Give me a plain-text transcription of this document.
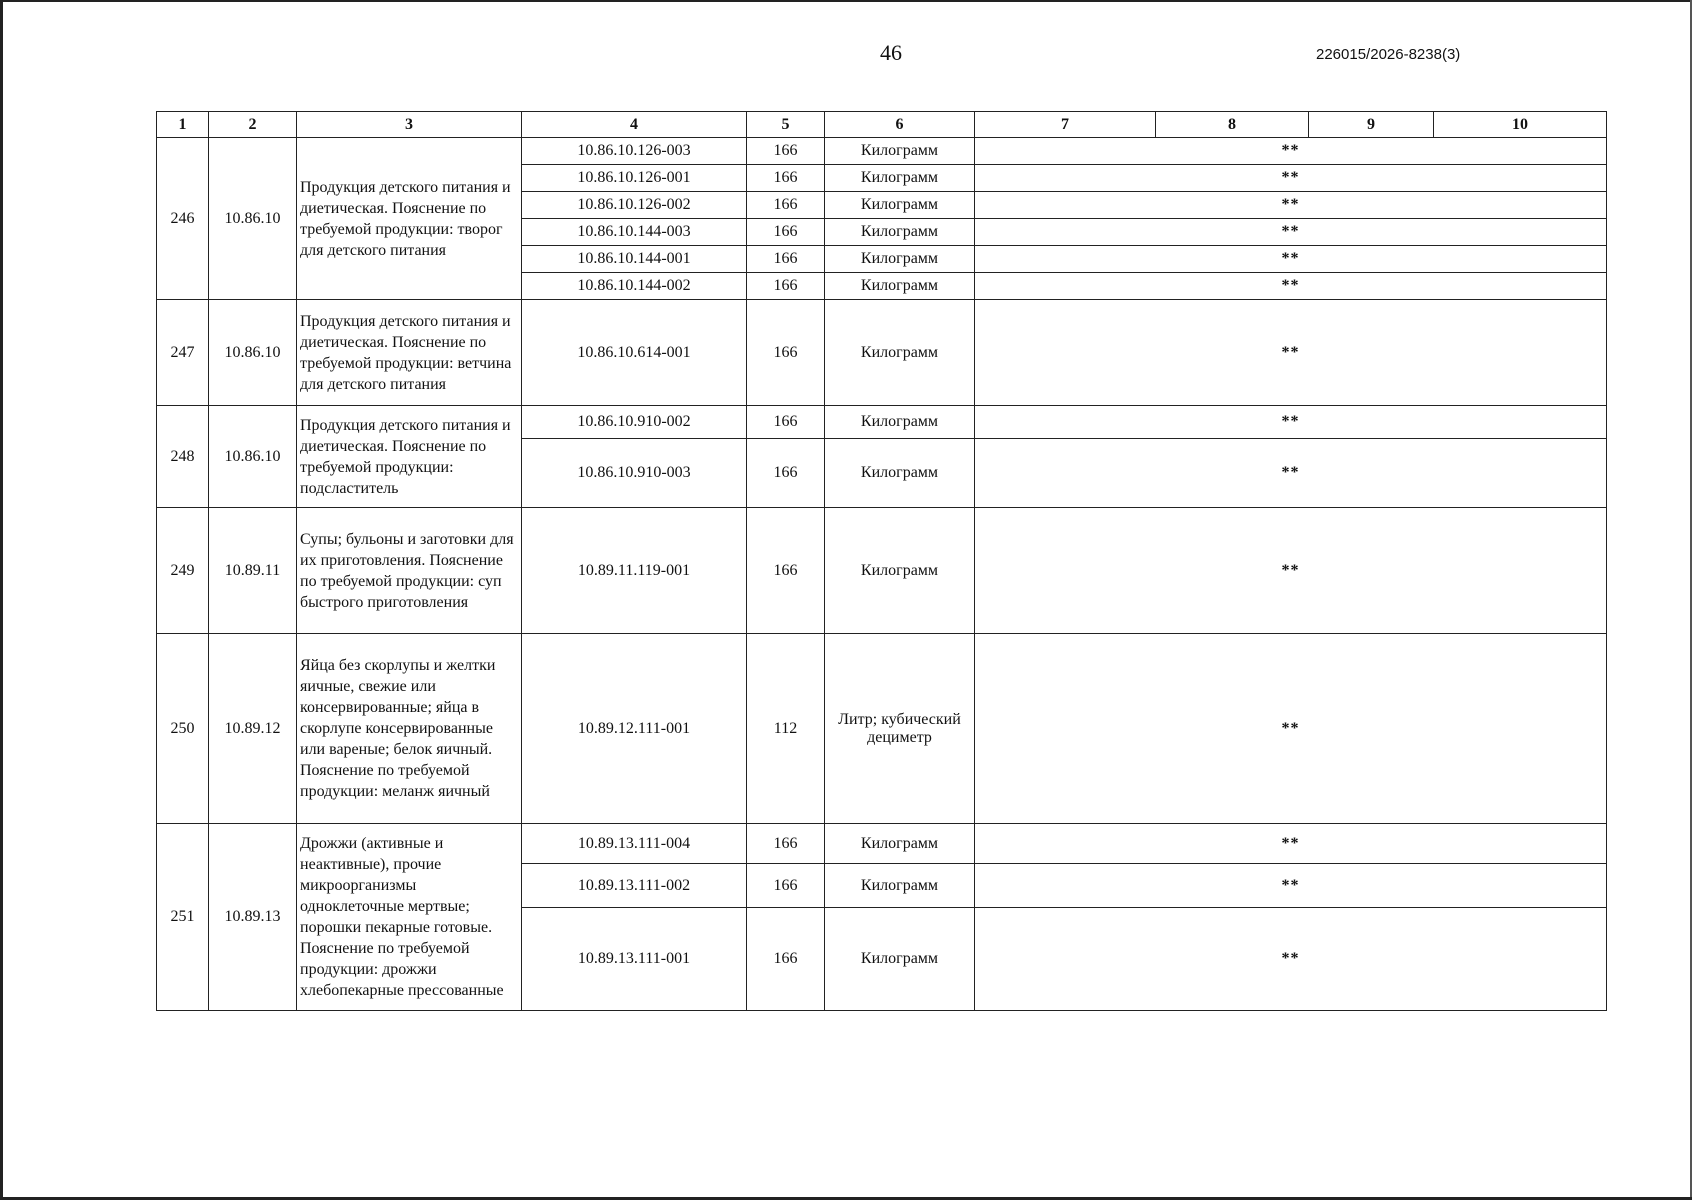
46	226015/2026-8238(3)
1	2	3	4	5	6	7	8	9	10
246	10.86.10	Продукция детского питания и диетическая. Пояснение по требуемой продукции: творог для детского питания	10.86.10.126-003	166	Килограмм	**			
			10.86.10.126-001	166	Килограмм	**			
			10.86.10.126-002	166	Килограмм	**			
			10.86.10.144-003	166	Килограмм	**			
			10.86.10.144-001	166	Килограмм	**			
			10.86.10.144-002	166	Килограмм	**			
247	10.86.10	Продукция детского питания и диетическая. Пояснение по требуемой продукции: ветчина для детского питания	10.86.10.614-001	166	Килограмм	**			
248	10.86.10	Продукция детского питания и диетическая. Пояснение по требуемой продукции: подсластитель	10.86.10.910-002	166	Килограмм	**			
			10.86.10.910-003	166	Килограмм	**			
249	10.89.11	Супы; бульоны и заготовки для их приготовления. Пояснение по требуемой продукции: суп быстрого приготовления	10.89.11.119-001	166	Килограмм	**			
250	10.89.12	Яйца без скорлупы и желтки яичные, свежие или консервированные; яйца в скорлупе консервированные или вареные; белок яичный. Пояснение по требуемой продукции: меланж яичный	10.89.12.111-001	112	Литр; кубический дециметр	**			
251	10.89.13	Дрожжи (активные и неактивные), прочие микроорганизмы одноклеточные мертвые; порошки пекарные готовые. Пояснение по требуемой продукции: дрожжи хлебопекарные прессованные	10.89.13.111-004	166	Килограмм	**			
			10.89.13.111-002	166	Килограмм	**			
			10.89.13.111-001	166	Килограмм	**			
